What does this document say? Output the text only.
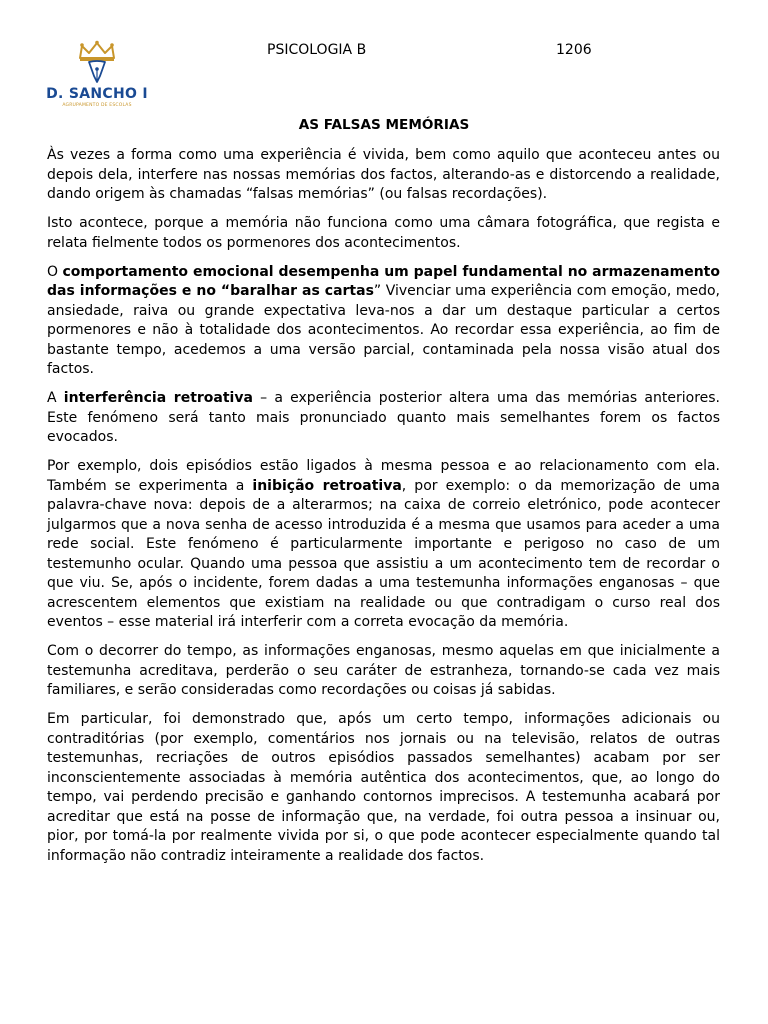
D. SANCHO I
AGRUPAMENTO DE ESCOLAS
PSICOLOGIA B	1206
AS FALSAS MEMÓRIAS

Às vezes a forma como uma experiência é vivida, bem como aquilo que aconteceu antes ou depois dela, interfere nas nossas memórias dos factos, alterando-as e distorcendo a realidade, dando origem às chamadas “falsas memórias” (ou falsas recordações).

Isto acontece, porque a memória não funciona como uma câmara fotográfica, que regista e relata fielmente todos os pormenores dos acontecimentos.

O comportamento emocional desempenha um papel fundamental no armazenamento das informações e no “baralhar as cartas” Vivenciar uma experiência com emoção, medo, ansiedade, raiva ou grande expectativa leva-nos a dar um destaque particular a certos pormenores e não à totalidade dos acontecimentos. Ao recordar essa experiência, ao fim de bastante tempo, acedemos a uma versão parcial, contaminada pela nossa visão atual dos factos.

A interferência retroativa – a experiência posterior altera uma das memórias anteriores. Este fenómeno será tanto mais pronunciado quanto mais semelhantes forem os factos evocados.

Por exemplo, dois episódios estão ligados à mesma pessoa e ao relacionamento com ela. Também se experimenta a inibição retroativa, por exemplo: o da memorização de uma palavra-chave nova: depois de a alterarmos; na caixa de correio eletrónico, pode acontecer julgarmos que a nova senha de acesso introduzida é a mesma que usamos para aceder a uma rede social. Este fenómeno é particularmente importante e perigoso no caso de um testemunho ocular. Quando uma pessoa que assistiu a um acontecimento tem de recordar o que viu. Se, após o incidente, forem dadas a uma testemunha informações enganosas – que acrescentem elementos que existiam na realidade ou que contradigam o curso real dos eventos – esse material irá interferir com a correta evocação da memória.

Com o decorrer do tempo, as informações enganosas, mesmo aquelas em que inicialmente a testemunha acreditava, perderão o seu caráter de estranheza, tornando-se cada vez mais familiares, e serão consideradas como recordações ou coisas já sabidas.

Em particular, foi demonstrado que, após um certo tempo, informações adicionais ou contraditórias (por exemplo, comentários nos jornais ou na televisão, relatos de outras testemunhas, recriações de outros episódios passados semelhantes) acabam por ser inconscientemente associadas à memória autêntica dos acontecimentos, que, ao longo do tempo, vai perdendo precisão e ganhando contornos imprecisos. A testemunha acabará por acreditar que está na posse de informação que, na verdade, foi outra pessoa a insinuar ou, pior, por tomá-la por realmente vivida por si, o que pode acontecer especialmente quando tal informação não contradiz inteiramente a realidade dos factos.
